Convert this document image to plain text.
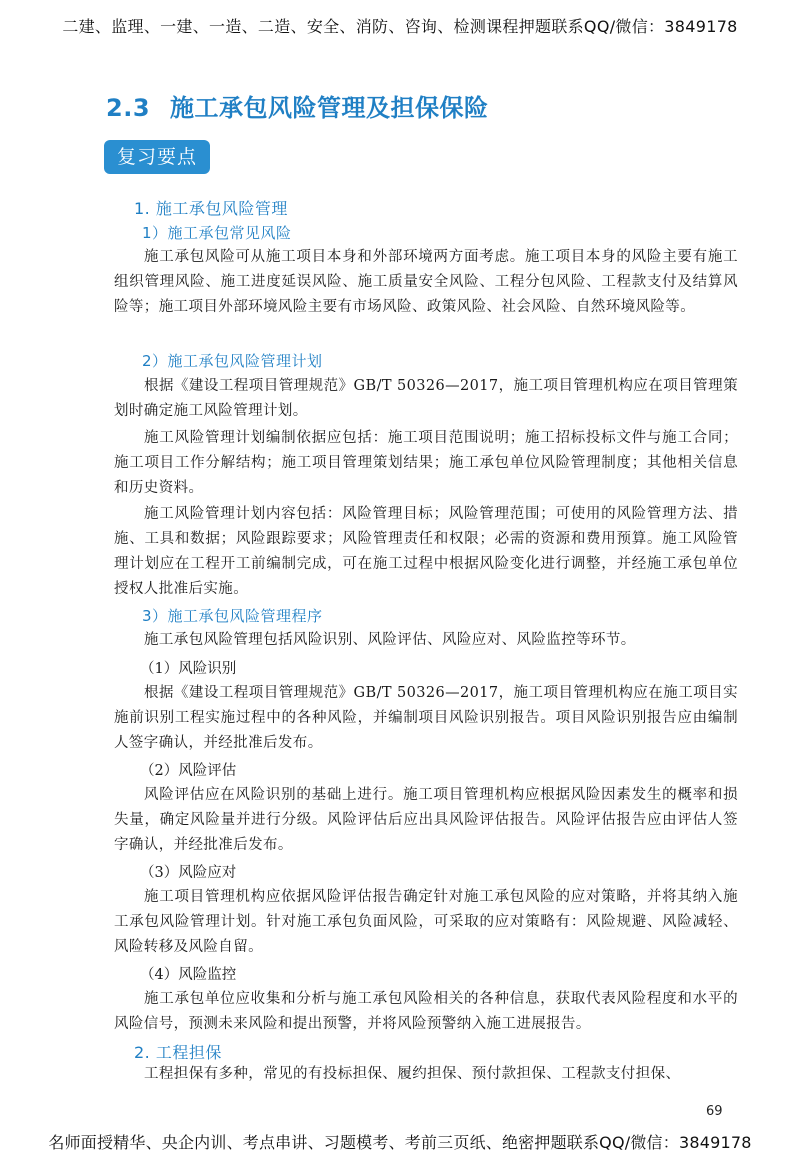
二建、监理、一建、一造、二造、安全、消防、咨询、检测课程押题联系QQ/微信：3849178
2.3 施工承包风险管理及担保保险
复习要点
1. 施工承包风险管理
1）施工承包常见风险
施工承包风险可从施工项目本身和外部环境两方面考虑。施工项目本身的风险主要有施工组织管理风险、施工进度延误风险、施工质量安全风险、工程分包风险、工程款支付及结算风险等；施工项目外部环境风险主要有市场风险、政策风险、社会风险、自然环境风险等。
2）施工承包风险管理计划
根据《建设工程项目管理规范》GB/T 50326—2017，施工项目管理机构应在项目管理策划时确定施工风险管理计划。
施工风险管理计划编制依据应包括：施工项目范围说明；施工招标投标文件与施工合同；施工项目工作分解结构；施工项目管理策划结果；施工承包单位风险管理制度；其他相关信息和历史资料。
施工风险管理计划内容包括：风险管理目标；风险管理范围；可使用的风险管理方法、措施、工具和数据；风险跟踪要求；风险管理责任和权限；必需的资源和费用预算。施工风险管理计划应在工程开工前编制完成，可在施工过程中根据风险变化进行调整，并经施工承包单位授权人批准后实施。
3）施工承包风险管理程序
施工承包风险管理包括风险识别、风险评估、风险应对、风险监控等环节。
（1）风险识别
根据《建设工程项目管理规范》GB/T 50326—2017，施工项目管理机构应在施工项目实施前识别工程实施过程中的各种风险，并编制项目风险识别报告。项目风险识别报告应由编制人签字确认，并经批准后发布。
（2）风险评估
风险评估应在风险识别的基础上进行。施工项目管理机构应根据风险因素发生的概率和损失量，确定风险量并进行分级。风险评估后应出具风险评估报告。风险评估报告应由评估人签字确认，并经批准后发布。
（3）风险应对
施工项目管理机构应依据风险评估报告确定针对施工承包风险的应对策略，并将其纳入施工承包风险管理计划。针对施工承包负面风险，可采取的应对策略有：风险规避、风险减轻、风险转移及风险自留。
（4）风险监控
施工承包单位应收集和分析与施工承包风险相关的各种信息，获取代表风险程度和水平的风险信号，预测未来风险和提出预警，并将风险预警纳入施工进展报告。
2. 工程担保
工程担保有多种，常见的有投标担保、履约担保、预付款担保、工程款支付担保、
69
名师面授精华、央企内训、考点串讲、习题模考、考前三页纸、绝密押题联系QQ/微信：3849178
